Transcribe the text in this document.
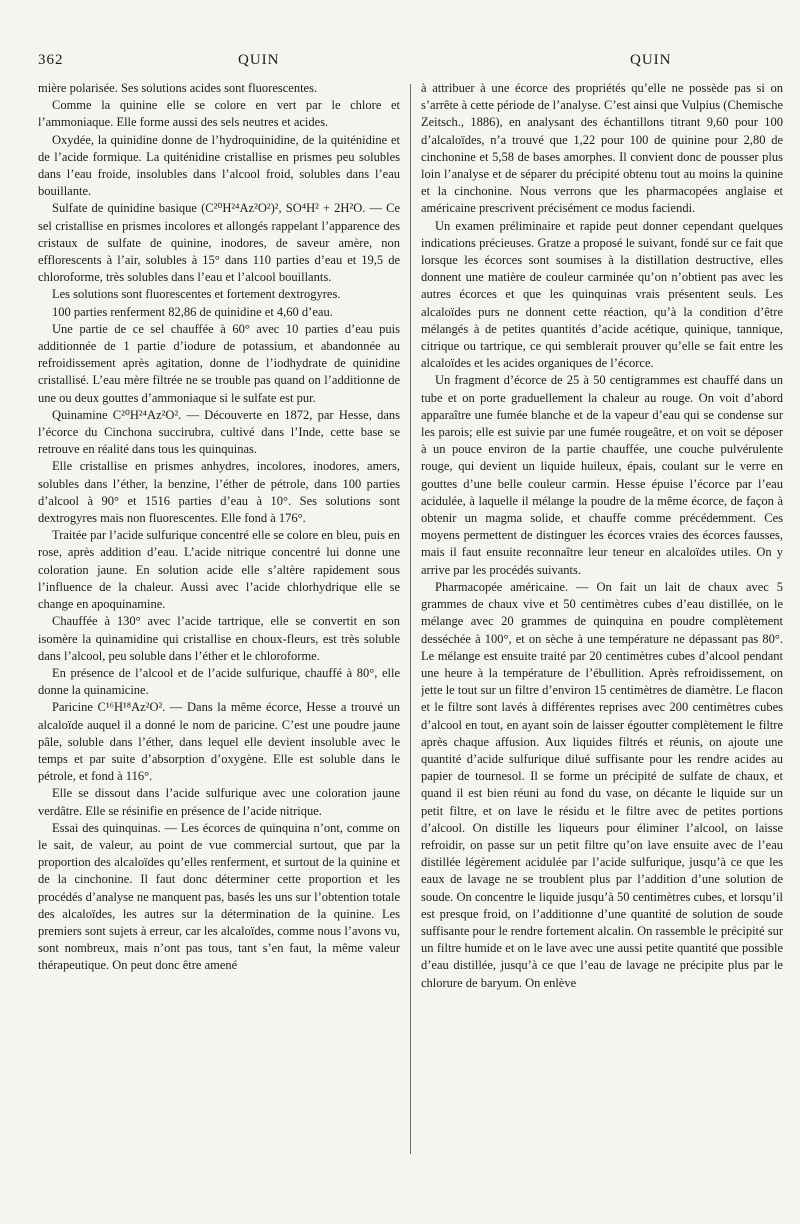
362	QUIN	QUIN

mière polarisée. Ses solutions acides sont fluorescentes.

Comme la quinine elle se colore en vert par le chlore et l’ammoniaque. Elle forme aussi des sels neutres et acides.

Oxydée, la quinidine donne de l’hydroquinidine, de la quiténidine et de l’acide formique. La quiténidine cristallise en prismes peu solubles dans l’eau froide, insolubles dans l’alcool froid, solubles dans l’eau bouillante.

Sulfate de quinidine basique (C²⁰H²⁴Az²O²)², SO⁴H² + 2H²O. — Ce sel cristallise en prismes incolores et allongés rappelant l’apparence des cristaux de sulfate de quinine, inodores, de saveur amère, non efflorescents à l’air, solubles à 15° dans 110 parties d’eau et 19,5 de chloroforme, très solubles dans l’eau et l’alcool bouillants.

Les solutions sont fluorescentes et fortement dextrogyres.

100 parties renferment 82,86 de quinidine et 4,60 d’eau.

Une partie de ce sel chauffée à 60° avec 10 parties d’eau puis additionnée de 1 partie d’iodure de potassium, et abandonnée au refroidissement après agitation, donne de l’iodhydrate de quinidine cristallisé. L’eau mère filtrée ne se trouble pas quand on l’additionne de une ou deux gouttes d’ammoniaque si le sulfate est pur.

Quinamine C²⁰H²⁴Az²O². — Découverte en 1872, par Hesse, dans l’écorce du Cinchona succirubra, cultivé dans l’Inde, cette base se retrouve en réalité dans tous les quinquinas.

Elle cristallise en prismes anhydres, incolores, inodores, amers, solubles dans l’éther, la benzine, l’éther de pétrole, dans 100 parties d’alcool à 90° et 1516 parties d’eau à 10°. Ses solutions sont dextrogyres mais non fluorescentes. Elle fond à 176°.

Traitée par l’acide sulfurique concentré elle se colore en bleu, puis en rose, après addition d’eau. L’acide nitrique concentré lui donne une coloration jaune. En solution acide elle s’altère rapidement sous l’influence de la chaleur. Aussi avec l’acide chlorhydrique elle se change en apoquinamine.

Chauffée à 130° avec l’acide tartrique, elle se convertit en son isomère la quinamidine qui cristallise en choux-fleurs, est très soluble dans l’alcool, peu soluble dans l’éther et le chloroforme.

En présence de l’alcool et de l’acide sulfurique, chauffé à 80°, elle donne la quinamicine.

Paricine C¹⁶H¹⁸Az²O². — Dans la même écorce, Hesse a trouvé un alcaloïde auquel il a donné le nom de paricine. C’est une poudre jaune pâle, soluble dans l’éther, dans lequel elle devient insoluble avec le temps et par suite d’absorption d’oxygène. Elle est soluble dans le pétrole, et fond à 116°.

Elle se dissout dans l’acide sulfurique avec une coloration jaune verdâtre. Elle se résinifie en présence de l’acide nitrique.

Essai des quinquinas. — Les écorces de quinquina n’ont, comme on le sait, de valeur, au point de vue commercial surtout, que par la proportion des alcaloïdes qu’elles renferment, et surtout de la quinine et de la cinchonine. Il faut donc déterminer cette proportion et les procédés d’analyse ne manquent pas, basés les uns sur l’obtention totale des alcaloïdes, les autres sur la détermination de la quinine. Les premiers sont sujets à erreur, car les alcaloïdes, comme nous l’avons vu, sont nombreux, mais n’ont pas tous, tant s’en faut, la même valeur thérapeutique. On peut donc être amené

à attribuer à une écorce des propriétés qu’elle ne possède pas si on s’arrête à cette période de l’analyse. C’est ainsi que Vulpius (Chemische Zeitsch., 1886), en analysant des échantillons titrant 9,60 pour 100 d’alcaloïdes, n’a trouvé que 1,22 pour 100 de quinine pour 2,80 de cinchonine et 5,58 de bases amorphes. Il convient donc de pousser plus loin l’analyse et de séparer du précipité obtenu tout au moins la quinine et la cinchonine. Nous verrons que les pharmacopées anglaise et américaine prescrivent précisément ce modus faciendi.

Un examen préliminaire et rapide peut donner cependant quelques indications précieuses. Gratze a proposé le suivant, fondé sur ce fait que lorsque les écorces sont soumises à la distillation destructive, elles donnent une matière de couleur carminée qu’on n’obtient pas avec les autres écorces et que les quinquinas vrais présentent seuls. Les alcaloïdes purs ne donnent cette réaction, qu’à la condition d’être mélangés à de petites quantités d’acide acétique, quinique, tannique, citrique ou tartrique, ce qui semblerait prouver qu’elle se fait entre les alcaloïdes et les acides organiques de l’écorce.

Un fragment d’écorce de 25 à 50 centigrammes est chauffé dans un tube et on porte graduellement la chaleur au rouge. On voit d’abord apparaître une fumée blanche et de la vapeur d’eau qui se condense sur les parois; elle est suivie par une fumée rougeâtre, et on voit se déposer à un pouce environ de la partie chauffée, une couche pulvérulente rouge, qui devient un liquide huileux, épais, coulant sur le verre en gouttes d’une belle couleur carmin. Hesse épuise l’écorce par l’eau acidulée, à laquelle il mélange la poudre de la même écorce, de façon à obtenir un magma solide, et chauffe comme précédemment. Ces moyens permettent de distinguer les écorces vraies des écorces fausses, mais il faut ensuite reconnaître leur teneur en alcaloïdes utiles. On y arrive par les procédés suivants.

Pharmacopée américaine. — On fait un lait de chaux avec 5 grammes de chaux vive et 50 centimètres cubes d’eau distillée, on le mélange avec 20 grammes de quinquina en poudre complètement desséchée à 100°, et on sèche à une température ne dépassant pas 80°. Le mélange est ensuite traité par 20 centimètres cubes d’alcool pendant une heure à la température de l’ébullition. Après refroidissement, on jette le tout sur un filtre d’environ 15 centimètres de diamètre. Le flacon et le filtre sont lavés à différentes reprises avec 200 centimètres cubes d’alcool en tout, en ayant soin de laisser égoutter complètement le filtre après chaque affusion. Aux liquides filtrés et réunis, on ajoute une quantité d’acide sulfurique dilué suffisante pour les rendre acides au papier de tournesol. Il se forme un précipité de sulfate de chaux, et quand il est bien réuni au fond du vase, on décante le liquide sur un petit filtre, et on lave le résidu et le filtre avec de petites portions d’alcool. On distille les liqueurs pour éliminer l’alcool, on laisse refroidir, on passe sur un petit filtre qu’on lave ensuite avec de l’eau distillée légèrement acidulée par l’acide sulfurique, jusqu’à ce que les eaux de lavage ne se troublent plus par l’addition d’une solution de soude. On concentre le liquide jusqu’à 50 centimètres cubes, et lorsqu’il est presque froid, on l’additionne d’une quantité de solution de soude suffisante pour le rendre fortement alcalin. On rassemble le précipité sur un filtre humide et on le lave avec une aussi petite quantité que possible d’eau distillée, jusqu’à ce que l’eau de lavage ne précipite plus par le chlorure de baryum. On enlève
